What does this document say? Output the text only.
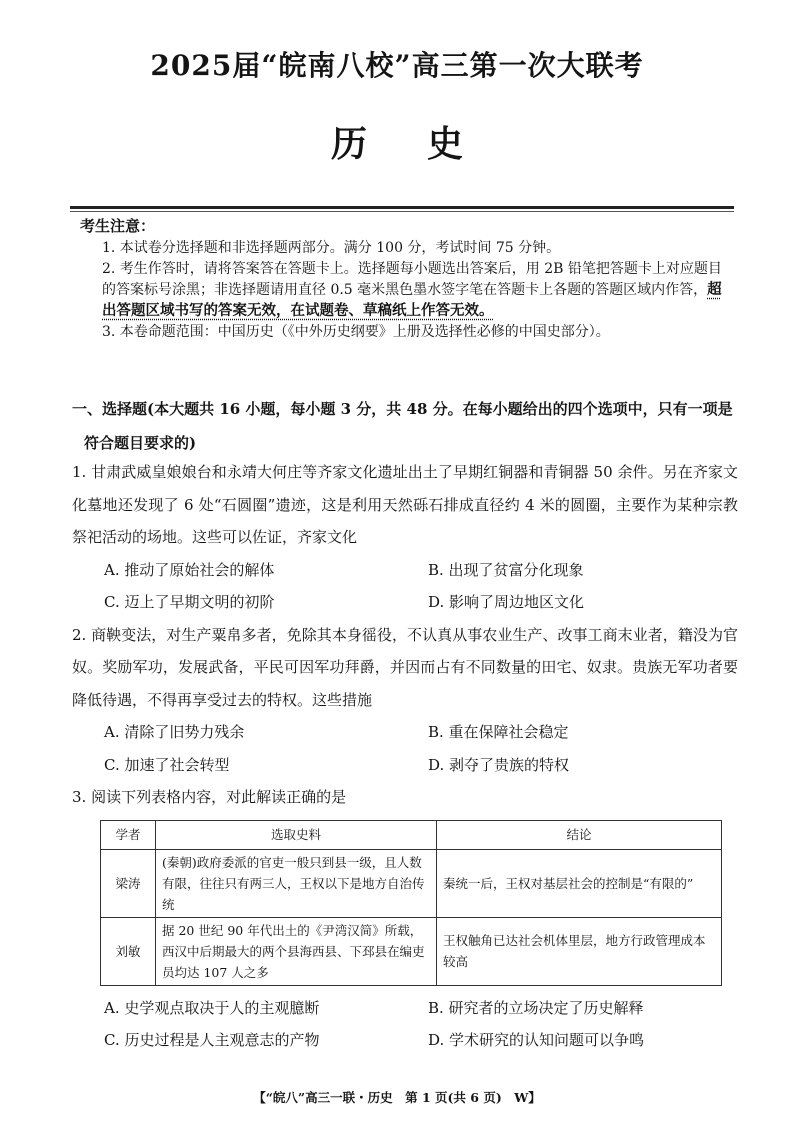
2025届“皖南八校”高三第一次大联考
历史
考生注意：
1. 本试卷分选择题和非选择题两部分。满分 100 分，考试时间 75 分钟。
2. 考生作答时，请将答案答在答题卡上。选择题每小题选出答案后，用 2B 铅笔把答题卡上对应题目的答案标号涂黑；非选择题请用直径 0.5 毫米黑色墨水签字笔在答题卡上各题的答题区域内作答，超出答题区域书写的答案无效，在试题卷、草稿纸上作答无效。
3. 本卷命题范围：中国历史（《中外历史纲要》上册及选择性必修的中国史部分）。
一、选择题(本大题共 16 小题，每小题 3 分，共 48 分。在每小题给出的四个选项中，只有一项是
符合题目要求的)
1. 甘肃武威皇娘娘台和永靖大何庄等齐家文化遗址出土了早期红铜器和青铜器 50 余件。另在齐家文化墓地还发现了 6 处“石圆圈”遗迹，这是利用天然砾石排成直径约 4 米的圆圈，主要作为某种宗教祭祀活动的场地。这些可以佐证，齐家文化
A. 推动了原始社会的解体	B. 出现了贫富分化现象
C. 迈上了早期文明的初阶	D. 影响了周边地区文化
2. 商鞅变法，对生产粟帛多者，免除其本身徭役，不认真从事农业生产、改事工商末业者，籍没为官奴。奖励军功，发展武备，平民可因军功拜爵，并因而占有不同数量的田宅、奴隶。贵族无军功者要降低待遇，不得再享受过去的特权。这些措施
A. 清除了旧势力残余	B. 重在保障社会稳定
C. 加速了社会转型	D. 剥夺了贵族的特权
3. 阅读下列表格内容，对此解读正确的是
学者	选取史料	结论
梁涛	(秦朝)政府委派的官吏一般只到县一级，且人数有限，往往只有两三人，王权以下是地方自治传统	秦统一后，王权对基层社会的控制是“有限的”
刘敏	据 20 世纪 90 年代出土的《尹湾汉简》所载，西汉中后期最大的两个县海西县、下邳县在编吏员均达 107 人之多	王权触角已达社会机体里层，地方行政管理成本较高
A. 史学观点取决于人的主观臆断	B. 研究者的立场决定了历史解释
C. 历史过程是人主观意志的产物	D. 学术研究的认知问题可以争鸣
【“皖八”高三一联・历史　第 1 页(共 6 页)　W】
